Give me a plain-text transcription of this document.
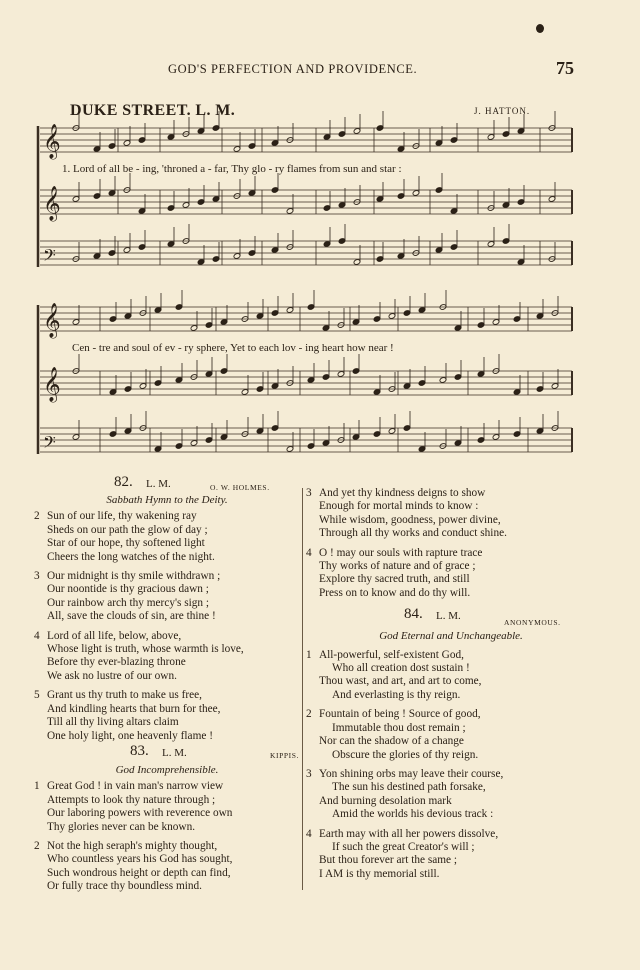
GOD'S PERFECTION AND PROVIDENCE.	75
DUKE STREET. L. M.	J. HATTON.
𝄞
𝄞
𝄢
𝄞
𝄞
𝄢
1. Lord of all be - ing, 'throned a - far, Thy glo - ry flames from sun and star :
Cen - tre and soul of ev - ry sphere, Yet to each lov - ing heart how near !
82. L. M.	O. W. HOLMES.
Sabbath Hymn to the Deity.
2 Sun of our life, thy wakening ray
Sheds on our path the glow of day ;
Star of our hope, thy softened light
Cheers the long watches of the night.
3 Our midnight is thy smile withdrawn ;
Our noontide is thy gracious dawn ;
Our rainbow arch thy mercy's sign ;
All, save the clouds of sin, are thine !
4 Lord of all life, below, above,
Whose light is truth, whose warmth is love,
Before thy ever-blazing throne
We ask no lustre of our own.
5 Grant us thy truth to make us free,
And kindling hearts that burn for thee,
Till all thy living altars claim
One holy light, one heavenly flame !
83. L. M.	KIPPIS.
God Incomprehensible.
1 Great God ! in vain man's narrow view
Attempts to look thy nature through ;
Our laboring powers with reverence own
Thy glories never can be known.
2 Not the high seraph's mighty thought,
Who countless years his God has sought,
Such wondrous height or depth can find,
Or fully trace thy boundless mind.
3 And yet thy kindness deigns to show
Enough for mortal minds to know :
While wisdom, goodness, power divine,
Through all thy works and conduct shine.
4 O ! may our souls with rapture trace
Thy works of nature and of grace ;
Explore thy sacred truth, and still
Press on to know and do thy will.
84. L. M.
ANONYMOUS.
God Eternal and Unchangeable.
1 All-powerful, self-existent God,
Who all creation dost sustain !
Thou wast, and art, and art to come,
And everlasting is thy reign.
2 Fountain of being ! Source of good,
Immutable thou dost remain ;
Nor can the shadow of a change
Obscure the glories of thy reign.
3 Yon shining orbs may leave their course,
The sun his destined path forsake,
And burning desolation mark
Amid the worlds his devious track :
4 Earth may with all her powers dissolve,
If such the great Creator's will ;
But thou forever art the same ;
I AM is thy memorial still.
